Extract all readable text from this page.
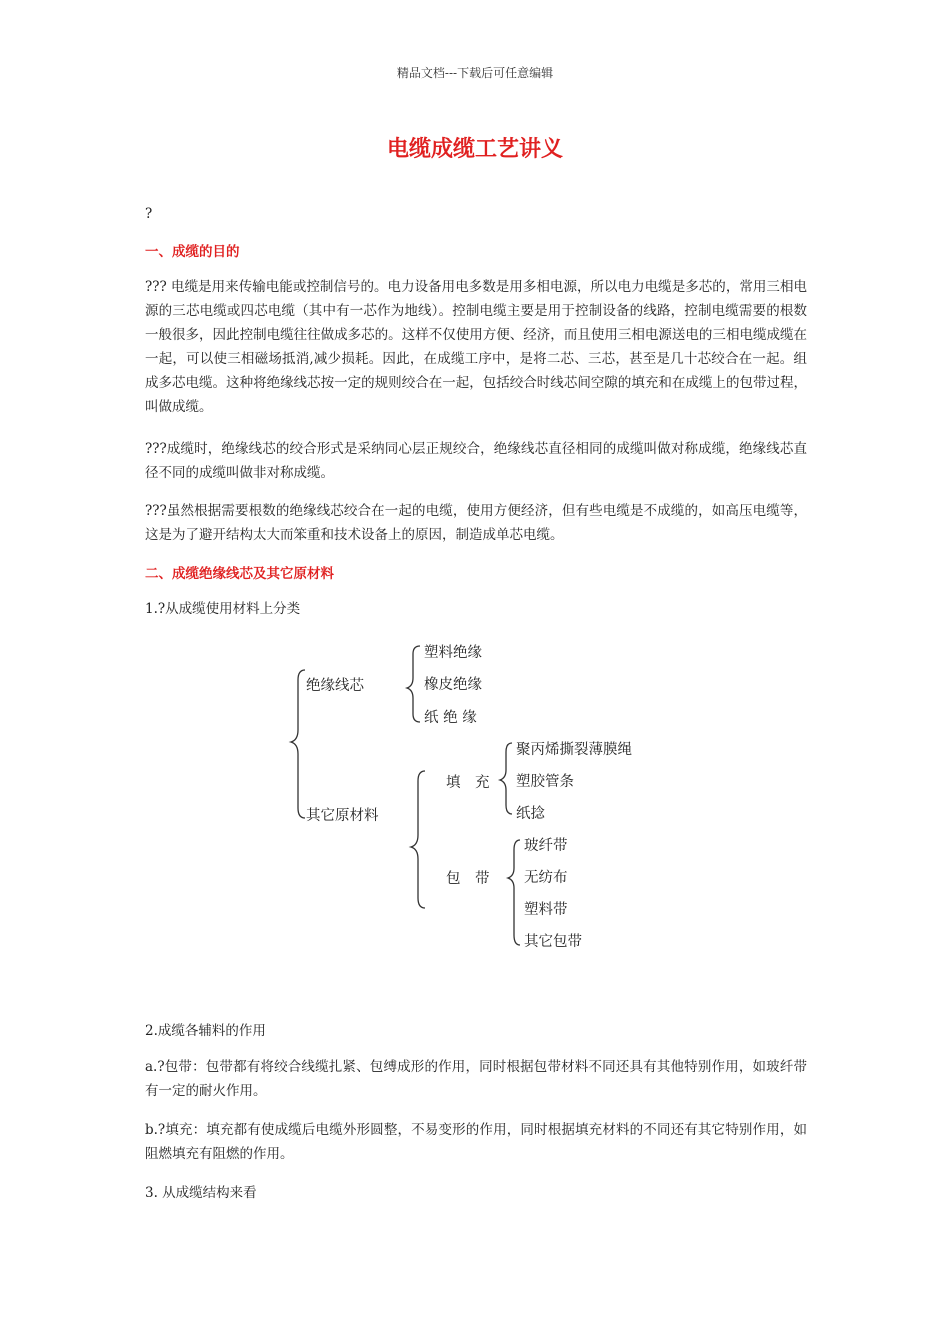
精品文档---下载后可任意编辑
电缆成缆工艺讲义
?
一、成缆的目的
??? 电缆是用来传输电能或控制信号的。电力设备用电多数是用多相电源，所以电力电缆是多芯的，常用三相电源的三芯电缆或四芯电缆（其中有一芯作为地线）。控制电缆主要是用于控制设备的线路，控制电缆需要的根数一般很多，因此控制电缆往往做成多芯的。这样不仅使用方便、经济，而且使用三相电源送电的三相电缆成缆在一起，可以使三相磁场抵消,减少损耗。因此，在成缆工序中，是将二芯、三芯，甚至是几十芯绞合在一起。组成多芯电缆。这种将绝缘线芯按一定的规则绞合在一起，包括绞合时线芯间空隙的填充和在成缆上的包带过程，叫做成缆。
???成缆时，绝缘线芯的绞合形式是采纳同心层正规绞合，绝缘线芯直径相同的成缆叫做对称成缆，绝缘线芯直径不同的成缆叫做非对称成缆。
???虽然根据需要根数的绝缘线芯绞合在一起的电缆，使用方便经济，但有些电缆是不成缆的，如高压电缆等，这是为了避开结构太大而笨重和技术设备上的原因，制造成单芯电缆。
二、成缆绝缘线芯及其它原材料
1.?从成缆使用材料上分类
绝缘线芯
塑料绝缘
橡皮绝缘
纸 绝 缘
其它原材料
填　充
聚丙烯撕裂薄膜绳
塑胶管条
纸捻
包　带
玻纤带
无纺布
塑料带
其它包带
2.成缆各辅料的作用
a.?包带：包带都有将绞合线缆扎紧、包缚成形的作用，同时根据包带材料不同还具有其他特别作用，如玻纤带有一定的耐火作用。
b.?填充：填充都有使成缆后电缆外形圆整，不易变形的作用，同时根据填充材料的不同还有其它特别作用，如阻燃填充有阻燃的作用。
3. 从成缆结构来看
